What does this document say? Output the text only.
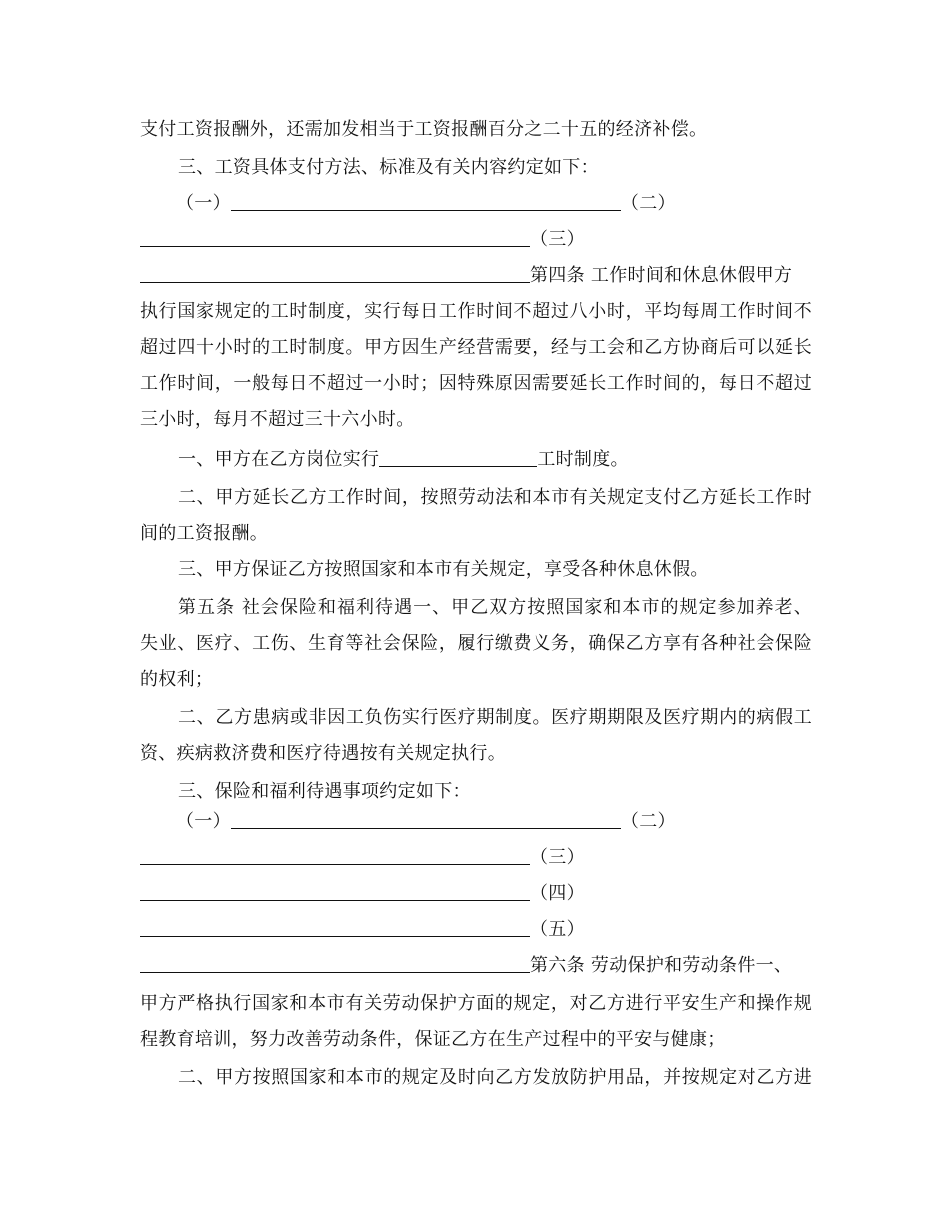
支付工资报酬外，还需加发相当于工资报酬百分之二十五的经济补偿。
三、工资具体支付方法、标准及有关内容约定如下：
（一）	（二）
（三）
第四条 工作时间和休息休假甲方
执行国家规定的工时制度，实行每日工作时间不超过八小时，平均每周工作时间不
超过四十小时的工时制度。甲方因生产经营需要，经与工会和乙方协商后可以延长
工作时间，一般每日不超过一小时；因特殊原因需要延长工作时间的，每日不超过
三小时，每月不超过三十六小时。
一、甲方在乙方岗位实行	工时制度。
二、甲方延长乙方工作时间，按照劳动法和本市有关规定支付乙方延长工作时
间的工资报酬。
三、甲方保证乙方按照国家和本市有关规定，享受各种休息休假。
第五条 社会保险和福利待遇一、甲乙双方按照国家和本市的规定参加养老、
失业、医疗、工伤、生育等社会保险，履行缴费义务，确保乙方享有各种社会保险
的权利；
二、乙方患病或非因工负伤实行医疗期制度。医疗期期限及医疗期内的病假工
资、疾病救济费和医疗待遇按有关规定执行。
三、保险和福利待遇事项约定如下：
（一）	（二）
（三）
（四）
（五）
第六条 劳动保护和劳动条件一、
甲方严格执行国家和本市有关劳动保护方面的规定，对乙方进行平安生产和操作规
程教育培训，努力改善劳动条件，保证乙方在生产过程中的平安与健康；
二、甲方按照国家和本市的规定及时向乙方发放防护用品，并按规定对乙方进
